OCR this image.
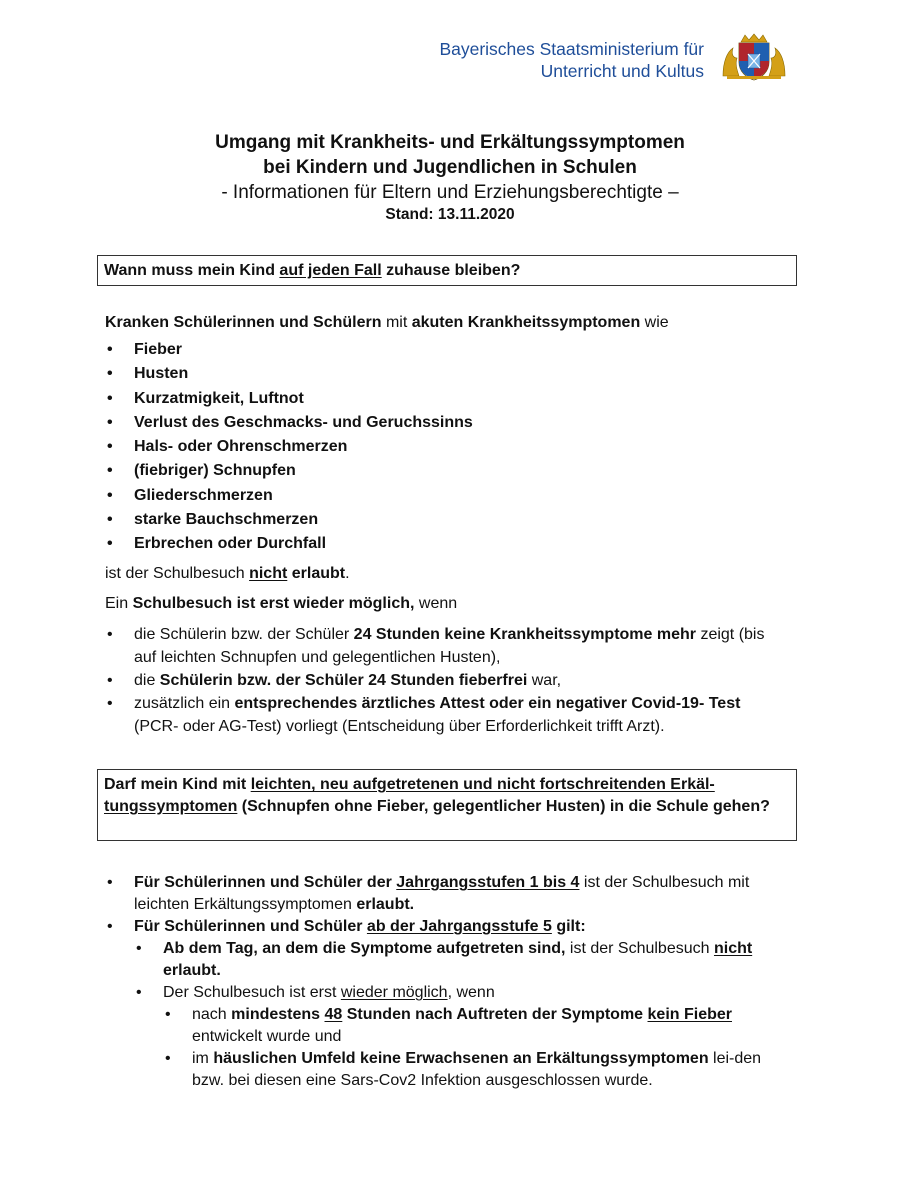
Bayerisches Staatsministerium für
Unterricht und Kultus
Umgang mit Krankheits- und Erkältungssymptomen
bei Kindern und Jugendlichen in Schulen
- Informationen für Eltern und Erziehungsberechtigte –
Stand: 13.11.2020
Wann muss mein Kind auf jeden Fall zuhause bleiben?
Kranken Schülerinnen und Schülern mit akuten Krankheitssymptomen wie
• Fieber
• Husten
• Kurzatmigkeit, Luftnot
• Verlust des Geschmacks- und Geruchssinns
• Hals- oder Ohrenschmerzen
• (fiebriger) Schnupfen
• Gliederschmerzen
• starke Bauchschmerzen
• Erbrechen oder Durchfall
ist der Schulbesuch nicht erlaubt.
Ein Schulbesuch ist erst wieder möglich, wenn
• die Schülerin bzw. der Schüler 24 Stunden keine Krankheitssymptome mehr zeigt (bis auf leichten Schnupfen und gelegentlichen Husten),
• die Schülerin bzw. der Schüler 24 Stunden fieberfrei war,
• zusätzlich ein entsprechendes ärztliches Attest oder ein negativer Covid-19- Test (PCR- oder AG-Test) vorliegt (Entscheidung über Erforderlichkeit trifft Arzt).
Darf mein Kind mit leichten, neu aufgetretenen und nicht fortschreitenden Erkäl-tungssymptomen (Schnupfen ohne Fieber, gelegentlicher Husten) in die Schule gehen?
• Für Schülerinnen und Schüler der Jahrgangsstufen 1 bis 4 ist der Schulbesuch mit leichten Erkältungssymptomen erlaubt.
• Für Schülerinnen und Schüler ab der Jahrgangsstufe 5 gilt:
• Ab dem Tag, an dem die Symptome aufgetreten sind, ist der Schulbesuch nicht erlaubt.
• Der Schulbesuch ist erst wieder möglich, wenn
• nach mindestens 48 Stunden nach Auftreten der Symptome kein Fieber entwickelt wurde und
• im häuslichen Umfeld keine Erwachsenen an Erkältungssymptomen lei-den bzw. bei diesen eine Sars-Cov2 Infektion ausgeschlossen wurde.
